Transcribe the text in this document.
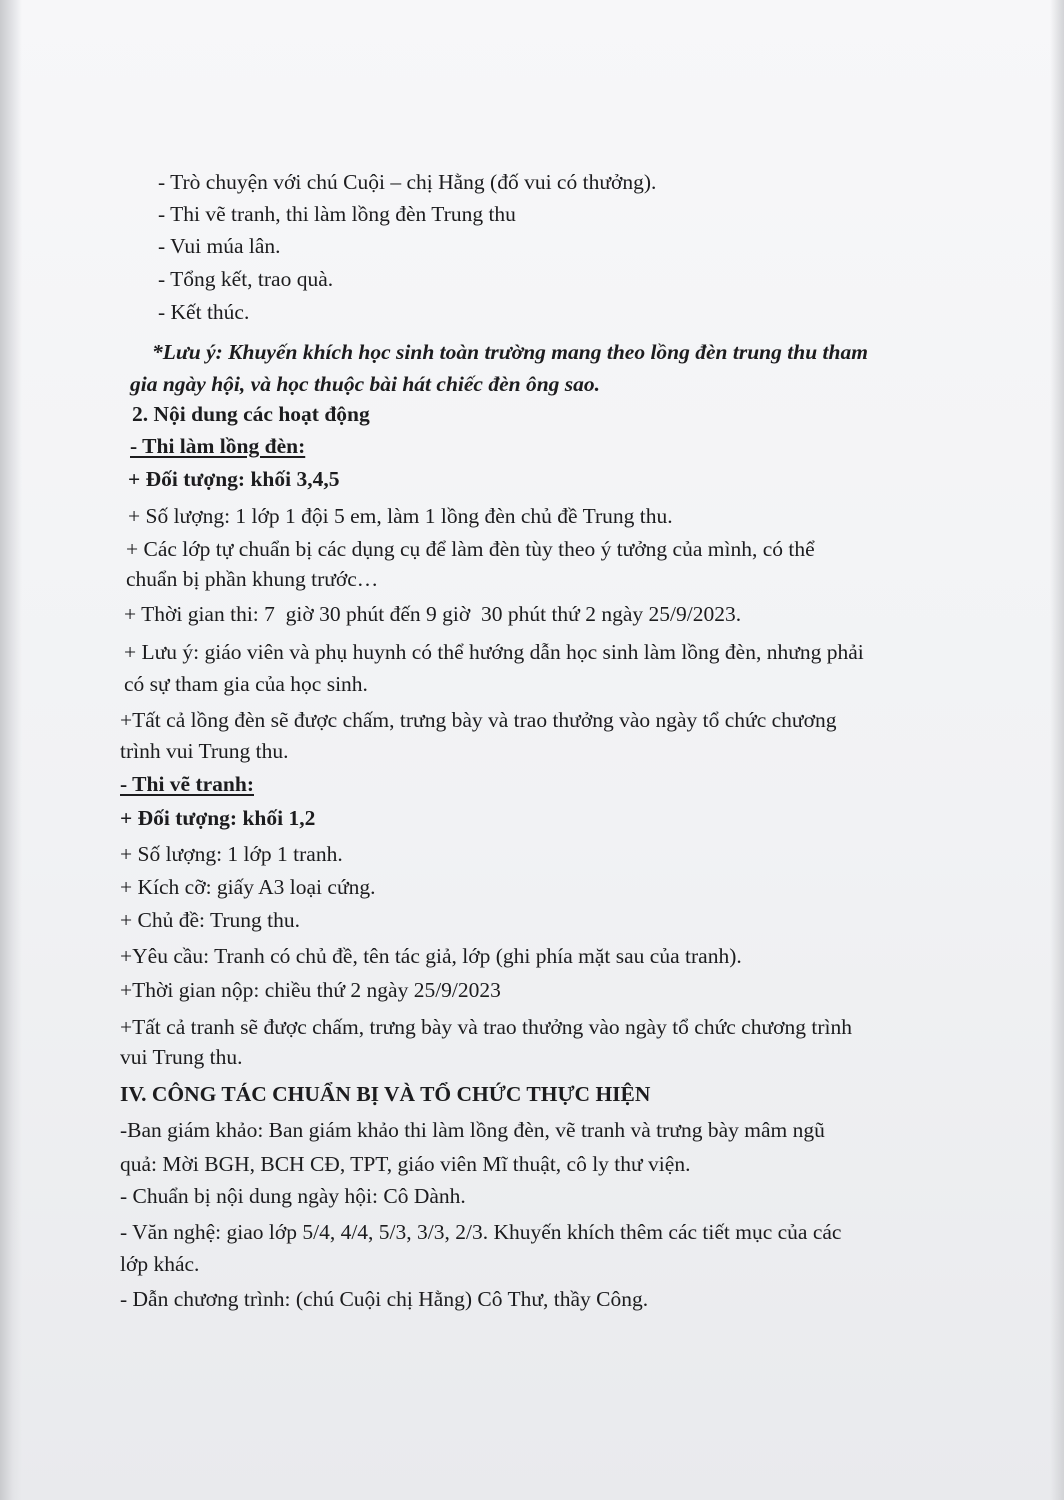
- Trò chuyện với chú Cuội – chị Hằng (đố vui có thưởng).
- Thi vẽ tranh, thi làm lồng đèn Trung thu
- Vui múa lân.
- Tổng kết, trao quà.
- Kết thúc.
*Lưu ý: Khuyến khích học sinh toàn trường mang theo lồng đèn trung thu tham
gia ngày hội, và học thuộc bài hát chiếc đèn ông sao.
2. Nội dung các hoạt động
- Thi làm lồng đèn:
+ Đối tượng: khối 3,4,5
+ Số lượng: 1 lớp 1 đội 5 em, làm 1 lồng đèn chủ đề Trung thu.
+ Các lớp tự chuẩn bị các dụng cụ để làm đèn tùy theo ý tưởng của mình, có thể
chuẩn bị phần khung trước…
+ Thời gian thi: 7  giờ 30 phút đến 9 giờ  30 phút thứ 2 ngày 25/9/2023.
+ Lưu ý: giáo viên và phụ huynh có thể hướng dẫn học sinh làm lồng đèn, nhưng phải
có sự tham gia của học sinh.
+Tất cả lồng đèn sẽ được chấm, trưng bày và trao thưởng vào ngày tổ chức chương
trình vui Trung thu.
- Thi vẽ tranh:
+ Đối tượng: khối 1,2
+ Số lượng: 1 lớp 1 tranh.
+ Kích cỡ: giấy A3 loại cứng.
+ Chủ đề: Trung thu.
+Yêu cầu: Tranh có chủ đề, tên tác giả, lớp (ghi phía mặt sau của tranh).
+Thời gian nộp: chiều thứ 2 ngày 25/9/2023
+Tất cả tranh sẽ được chấm, trưng bày và trao thưởng vào ngày tổ chức chương trình
vui Trung thu.
IV. CÔNG TÁC CHUẨN BỊ VÀ TỔ CHỨC THỰC HIỆN
-Ban giám khảo: Ban giám khảo thi làm lồng đèn, vẽ tranh và trưng bày mâm ngũ
quả: Mời BGH, BCH CĐ, TPT, giáo viên Mĩ thuật, cô ly thư viện.
- Chuẩn bị nội dung ngày hội: Cô Dành.
- Văn nghệ: giao lớp 5/4, 4/4, 5/3, 3/3, 2/3. Khuyến khích thêm các tiết mục của các
lớp khác.
- Dẫn chương trình: (chú Cuội chị Hằng) Cô Thư, thầy Công.
